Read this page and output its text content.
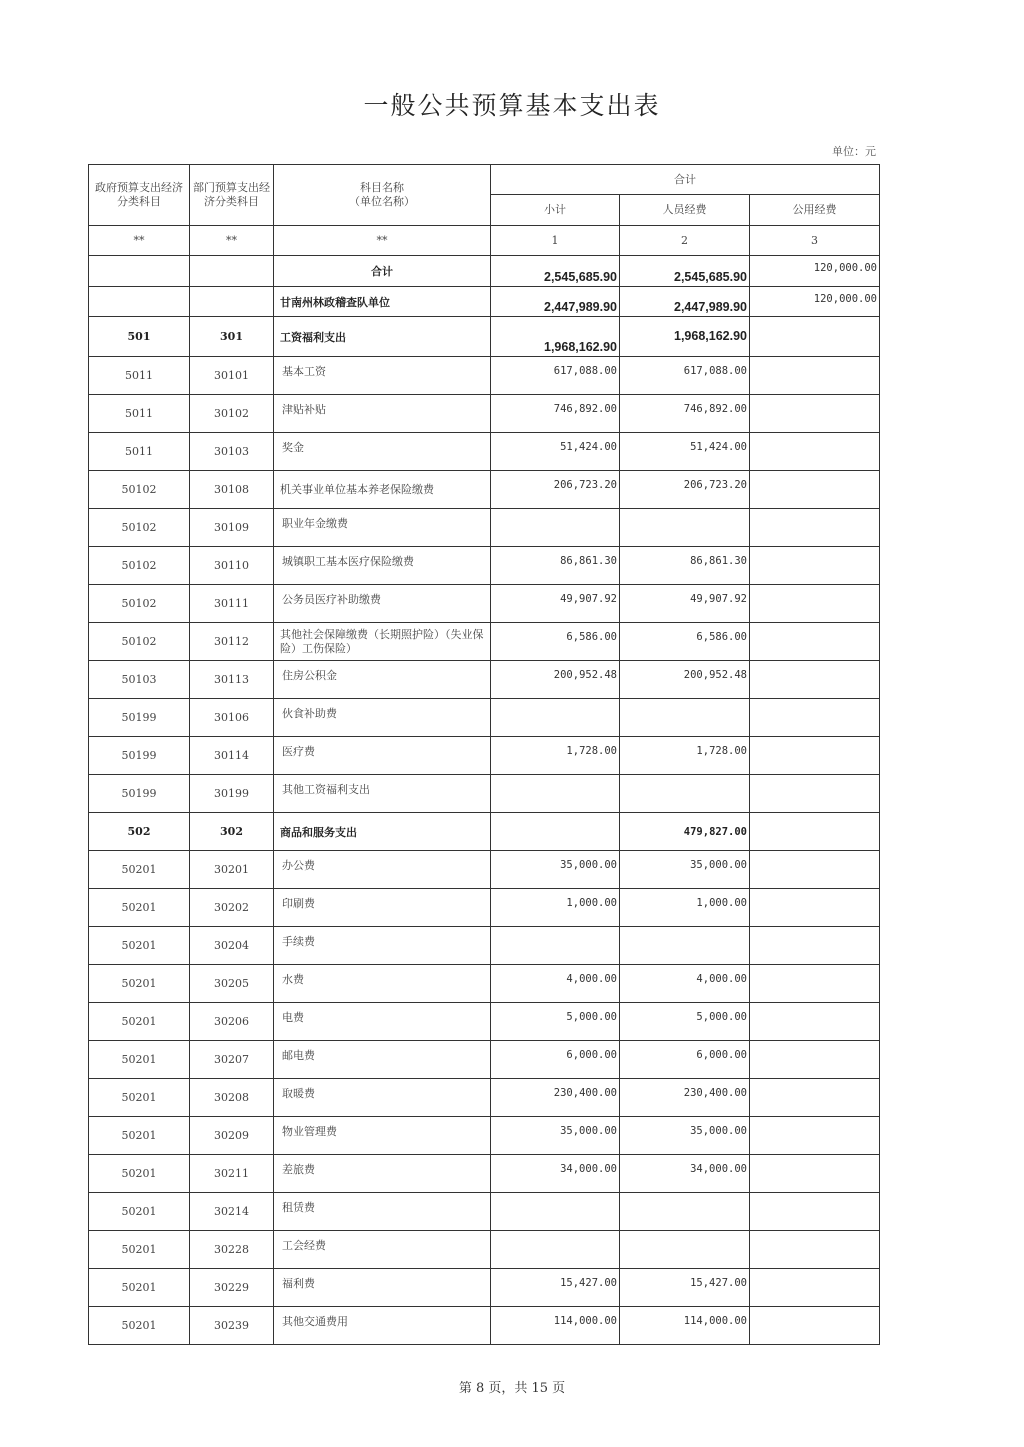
一般公共预算基本支出表
单位：元
政府预算支出经济分类科目	部门预算支出经济分类科目	科目名称
（单位名称）	合计		
			小计	人员经费	公用经费
**	**	**	1	2	3
		合计	2,545,685.90	2,545,685.90	120,000.00
		甘南州林政稽查队单位	2,447,989.90	2,447,989.90	120,000.00
501	301	工资福利支出	1,968,162.90	1,968,162.90	
5011	30101	基本工资	617,088.00	617,088.00	
5011	30102	津贴补贴	746,892.00	746,892.00	
5011	30103	奖金	51,424.00	51,424.00	
50102	30108	机关事业单位基本养老保险缴费	206,723.20	206,723.20	
50102	30109	职业年金缴费			
50102	30110	城镇职工基本医疗保险缴费	86,861.30	86,861.30	
50102	30111	公务员医疗补助缴费	49,907.92	49,907.92	
50102	30112	其他社会保障缴费（长期照护险）（失业保险）工伤保险）	6,586.00	6,586.00	
50103	30113	住房公积金	200,952.48	200,952.48	
50199	30106	伙食补助费			
50199	30114	医疗费	1,728.00	1,728.00	
50199	30199	其他工资福利支出			
502	302	商品和服务支出		479,827.00	
50201	30201	办公费	35,000.00	35,000.00	
50201	30202	印刷费	1,000.00	1,000.00	
50201	30204	手续费			
50201	30205	水费	4,000.00	4,000.00	
50201	30206	电费	5,000.00	5,000.00	
50201	30207	邮电费	6,000.00	6,000.00	
50201	30208	取暖费	230,400.00	230,400.00	
50201	30209	物业管理费	35,000.00	35,000.00	
50201	30211	差旅费	34,000.00	34,000.00	
50201	30214	租赁费			
50201	30228	工会经费			
50201	30229	福利费	15,427.00	15,427.00	
50201	30239	其他交通费用	114,000.00	114,000.00	
第 8 页，共 15 页
